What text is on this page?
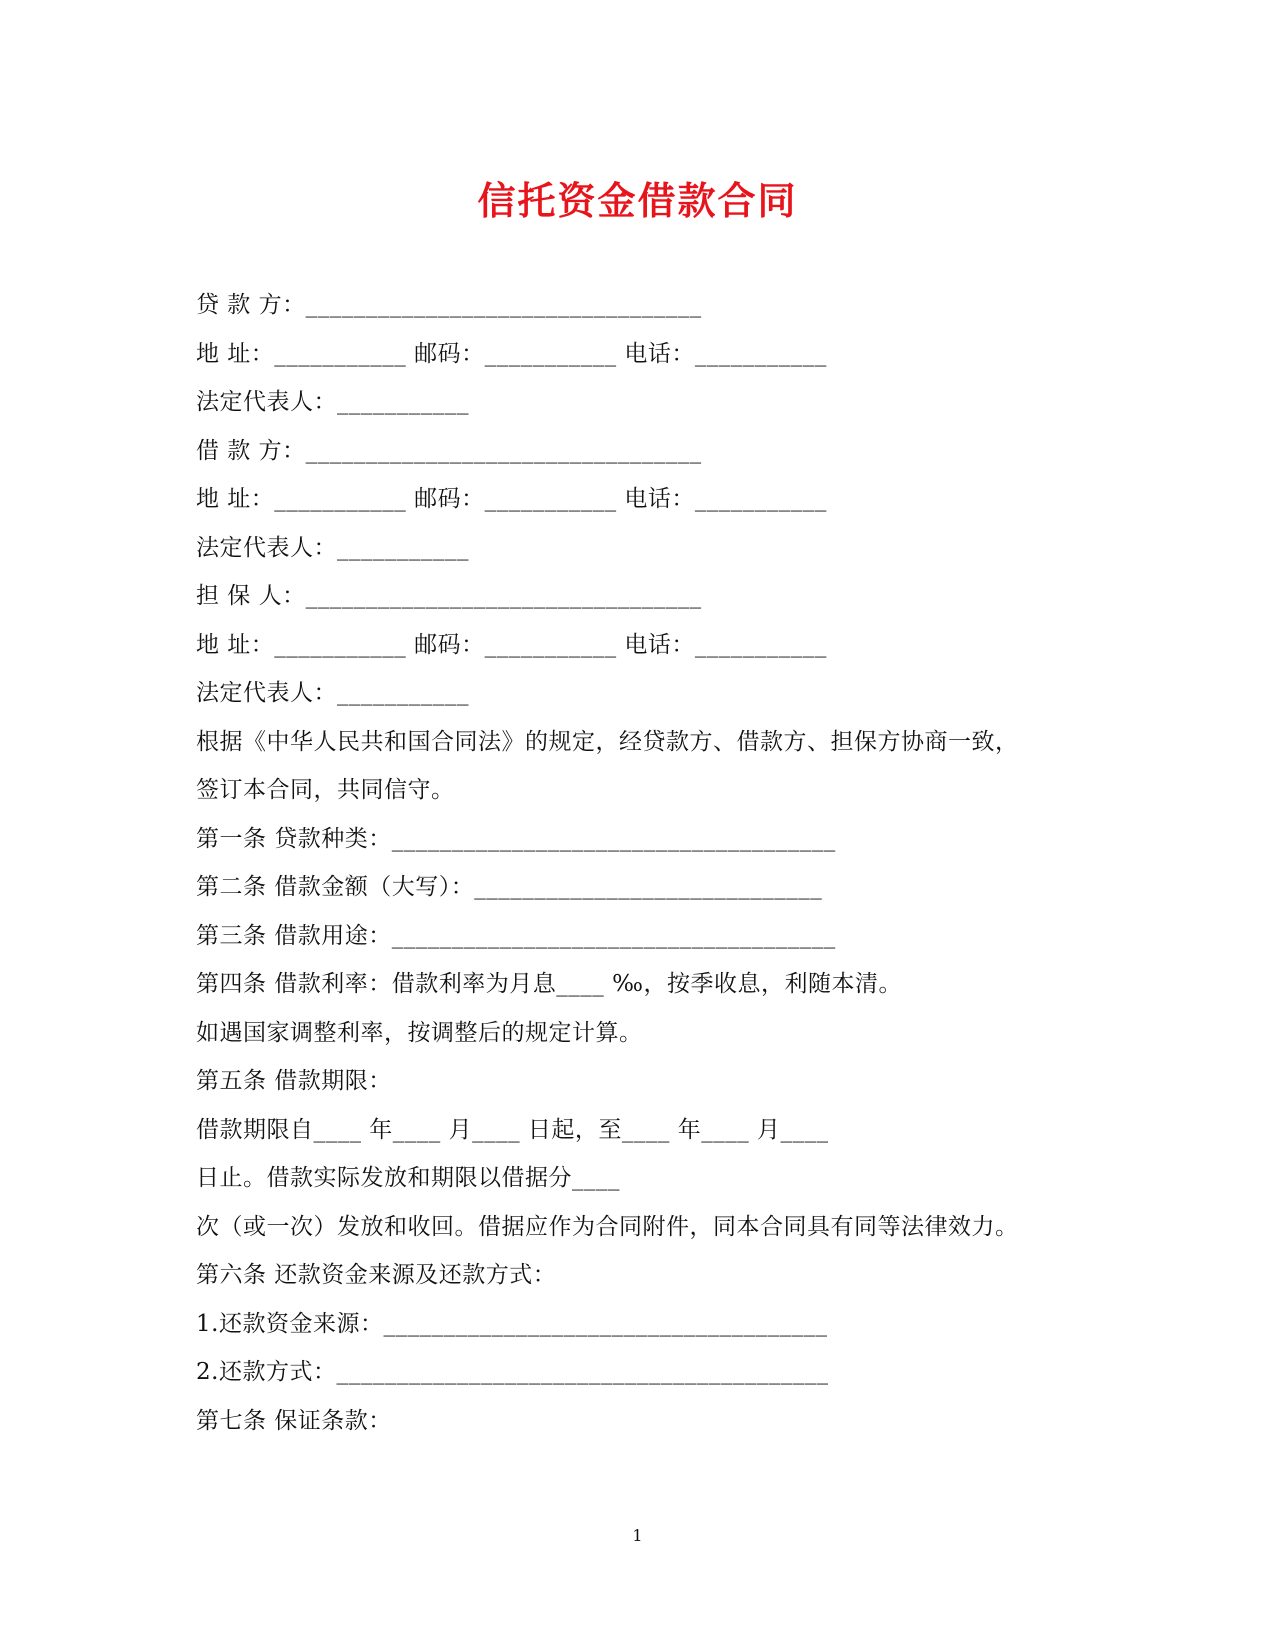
信托资金借款合同
贷 款 方：_________________________________
地 址：___________ 邮码：___________ 电话：___________
法定代表人：___________
借 款 方：_________________________________
地 址：___________ 邮码：___________ 电话：___________
法定代表人：___________
担 保 人：_________________________________
地 址：___________ 邮码：___________ 电话：___________
法定代表人：___________
根据《中华人民共和国合同法》的规定，经贷款方、借款方、担保方协商一致，
签订本合同，共同信守。
第一条 贷款种类：_____________________________________
第二条 借款金额（大写）：_____________________________
第三条 借款用途：_____________________________________
第四条 借款利率：借款利率为月息____ ‰，按季收息，利随本清。
如遇国家调整利率，按调整后的规定计算。
第五条 借款期限：
借款期限自____ 年____ 月____ 日起，至____ 年____ 月____
日止。借款实际发放和期限以借据分____
次（或一次）发放和收回。借据应作为合同附件，同本合同具有同等法律效力。
第六条 还款资金来源及还款方式：
1.还款资金来源：_____________________________________
2.还款方式：_________________________________________
第七条 保证条款：
1
